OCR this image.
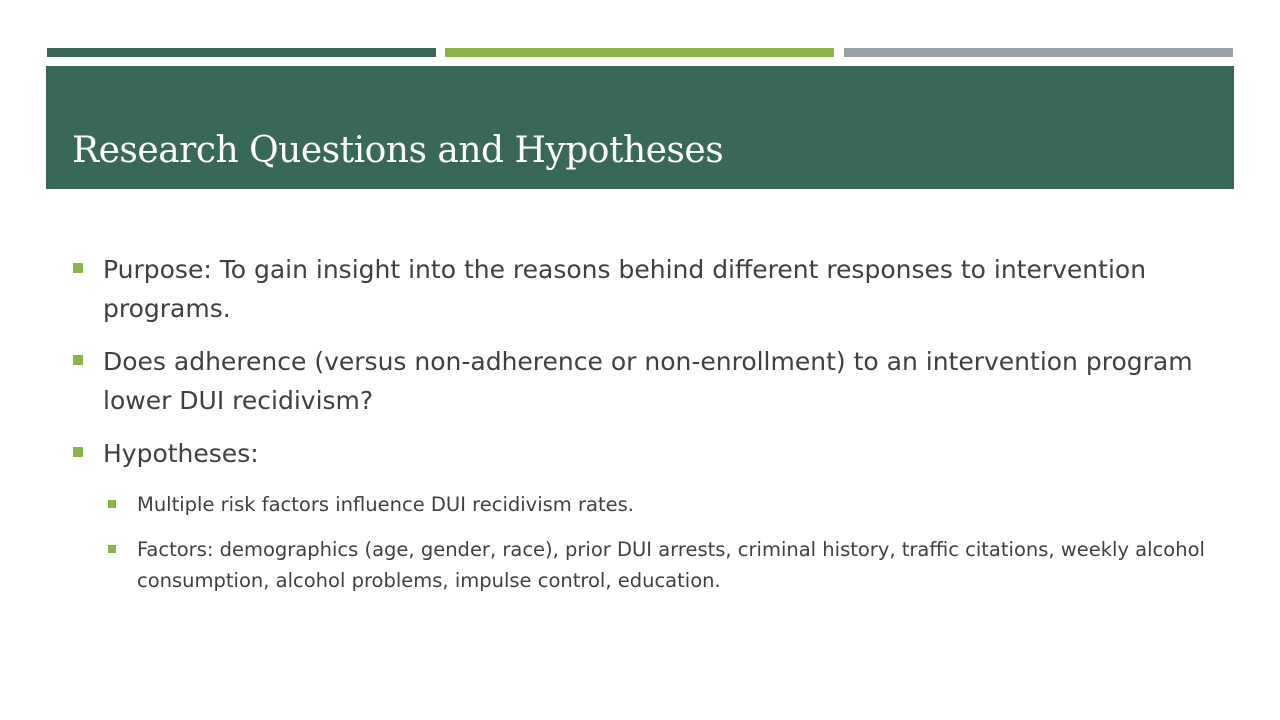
Research Questions and Hypotheses
Purpose: To gain insight into the reasons behind different responses to intervention programs.
Does adherence (versus non-adherence or non-enrollment) to an intervention program lower DUI recidivism?
Hypotheses:
Multiple risk factors influence DUI recidivism rates.
Factors: demographics (age, gender, race), prior DUI arrests, criminal history, traffic citations, weekly alcohol consumption, alcohol problems, impulse control, education.
